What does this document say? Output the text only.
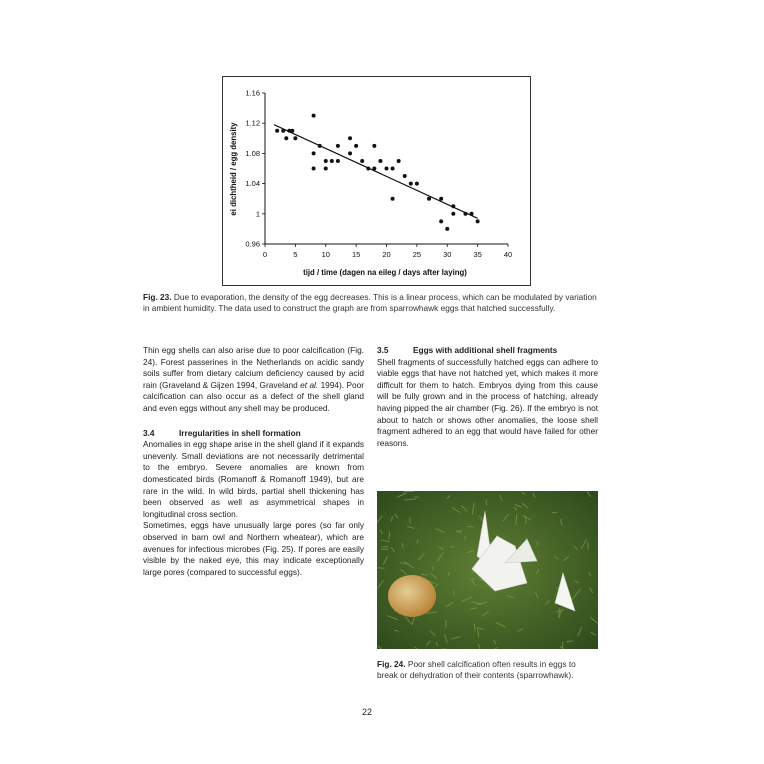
0	5	10	15	20	25	30	35	40
0.96
1
1.04
1.08
1.12
1.16
tijd / time (dagen na eileg / days after laying)
ei dichtheid / egg density
Fig. 23. Due to evaporation, the density of the egg decreases. This is a linear process, which can be modulated by variation in ambient humidity. The data used to construct the graph are from sparrowhawk eggs that hatched successfully.
Thin egg shells can also arise due to poor calcification (Fig. 24). Forest passerines in the Netherlands on acidic sandy soils suffer from dietary calcium deficiency caused by acid rain (Graveland & Gijzen 1994, Graveland et al. 1994). Poor calcification can also occur as a defect of the shell gland and even eggs without any shell may be produced.
3.4	Irregularities in shell formation
Anomalies in egg shape arise in the shell gland if it expands unevenly. Small deviations are not necessarily detrimental to the embryo. Severe anomalies are known from domesticated birds (Romanoff & Romanoff 1949), but are rare in the wild. In wild birds, partial shell thickening has been observed as well as asymmetrical shapes in longitudinal cross section.
Sometimes, eggs have unusually large pores (so far only observed in barn owl and Northern wheatear), which are avenues for infectious microbes (Fig. 25). If pores are easily visible by the naked eye, this may indicate exceptionally large pores (compared to successful eggs).
3.5	Eggs with additional shell fragments
Shell fragments of successfully hatched eggs can adhere to viable eggs that have not hatched yet, which makes it more difficult for them to hatch. Embryos dying from this cause will be fully grown and in the process of hatching, already having pipped the air chamber (Fig. 26). If the embryo is not about to hatch or shows other anomalies, the loose shell fragment adhered to an egg that would have failed for other reasons.
Fig. 24. Poor shell calcification often results in eggs to break or dehydration of their contents (sparrowhawk).
22
